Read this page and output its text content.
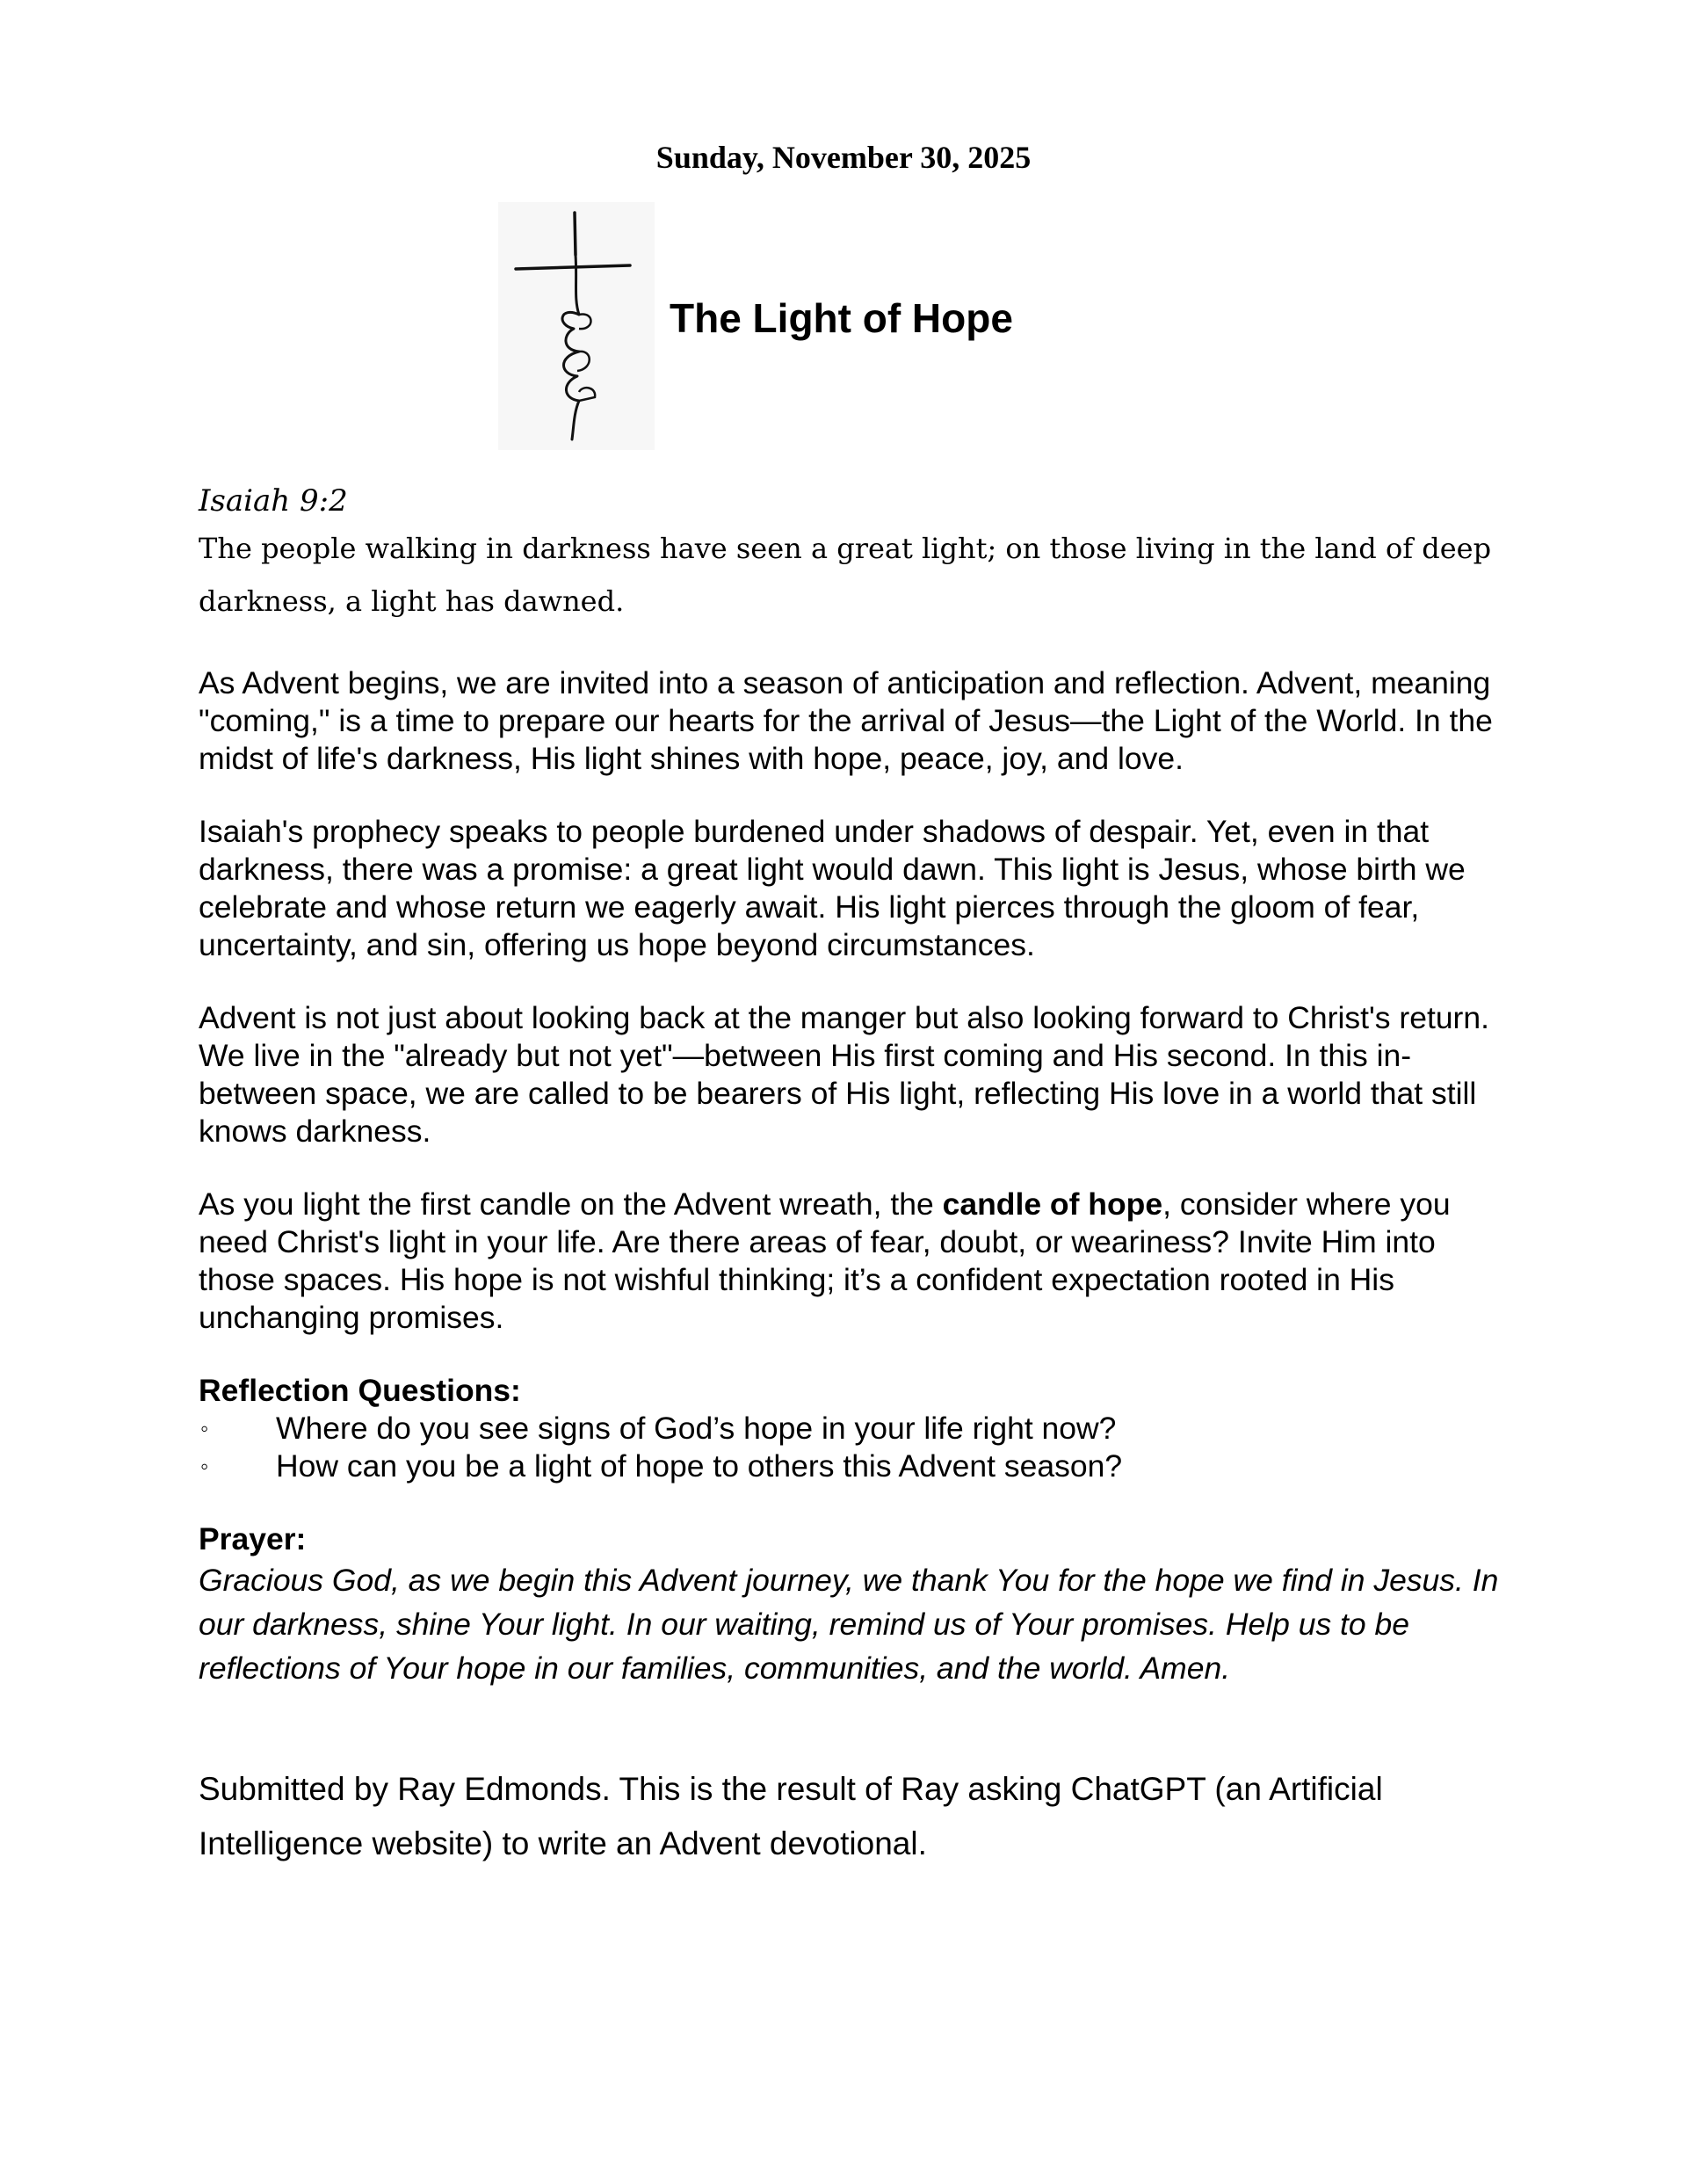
Sunday, November 30, 2025
The Light of Hope

Isaiah 9:2

The people walking in darkness have seen a great light; on those living in the land of deep darkness, a light has dawned.

As Advent begins, we are invited into a season of anticipation and reflection. Advent, meaning "coming," is a time to prepare our hearts for the arrival of Jesus—the Light of the World. In the midst of life's darkness, His light shines with hope, peace, joy, and love.

Isaiah's prophecy speaks to people burdened under shadows of despair. Yet, even in that darkness, there was a promise: a great light would dawn. This light is Jesus, whose birth we celebrate and whose return we eagerly await. His light pierces through the gloom of fear, uncertainty, and sin, offering us hope beyond circumstances.

Advent is not just about looking back at the manger but also looking forward to Christ's return. We live in the "already but not yet"—between His first coming and His second. In this in-between space, we are called to be bearers of His light, reflecting His love in a world that still knows darkness.

As you light the first candle on the Advent wreath, the candle of hope, consider where you need Christ's light in your life. Are there areas of fear, doubt, or weariness? Invite Him into those spaces. His hope is not wishful thinking; it’s a confident expectation rooted in His unchanging promises.

Reflection Questions:
◦	Where do you see signs of God’s hope in your life right now?
◦	How can you be a light of hope to others this Advent season?
Prayer:

Gracious God, as we begin this Advent journey, we thank You for the hope we find in Jesus. In our darkness, shine Your light. In our waiting, remind us of Your promises. Help us to be reflections of Your hope in our families, communities, and the world. Amen.

Submitted by Ray Edmonds. This is the result of Ray asking ChatGPT (an Artificial Intelligence website) to write an Advent devotional.
